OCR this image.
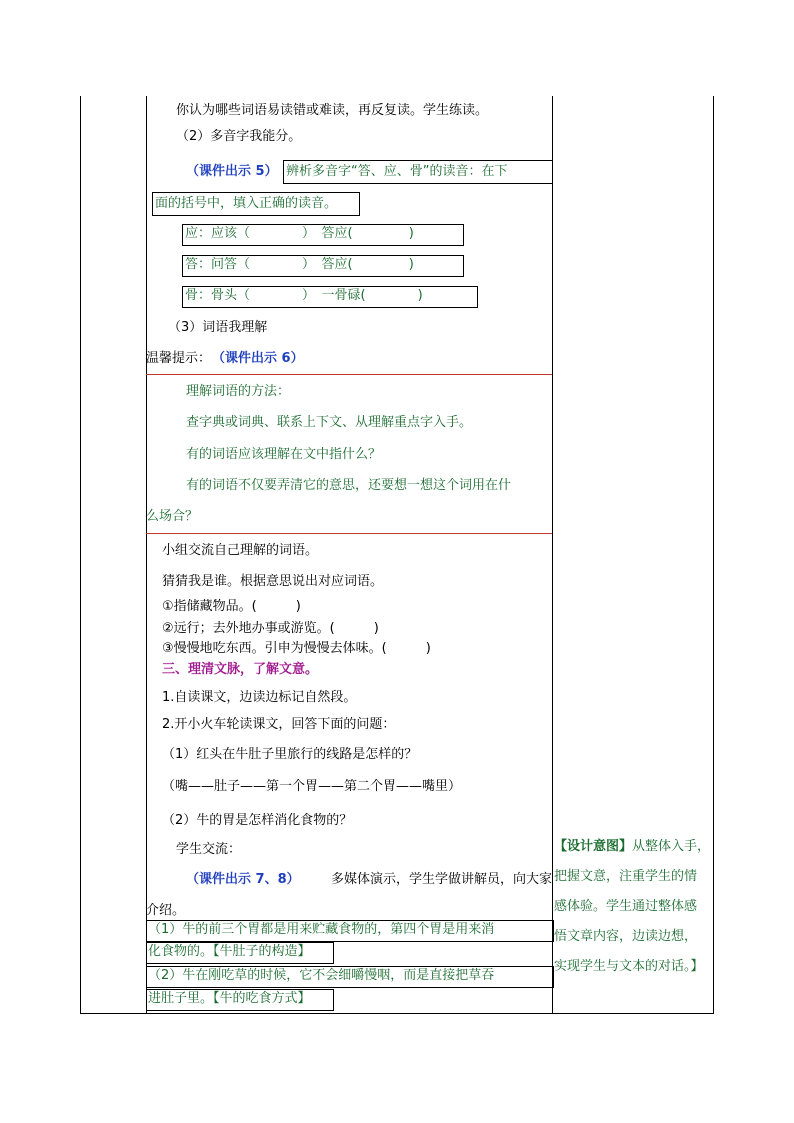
你认为哪些词语易读错或难读，再反复读。学生练读。
（2）多音字我能分。
（课件出示 5） 辨析多音字“答、应、骨”的读音：在下
面的括号中，填入正确的读音。
应：应该（　　　　）　答应(　　　　 )
答：问答（　　　　）　答应(　　　　 )
骨：骨头（　　　　）　一骨碌(　　　　)
（3）词语我理解
温馨提示： （课件出示 6）
理解词语的方法：
查字典或词典、联系上下文、从理解重点字入手。
有的词语应该理解在文中指什么？
有的词语不仅要弄清它的意思，还要想一想这个词用在什
么场合？
小组交流自己理解的词语。
猜猜我是谁。根据意思说出对应词语。
①指储藏物品。(　　　)
②远行；去外地办事或游览。(　　　)
③慢慢地吃东西。引申为慢慢去体味。(　　　)
三、理清文脉，了解文意。
1.自读课文，边读边标记自然段。
2.开小火车轮读课文，回答下面的问题：
（1）红头在牛肚子里旅行的线路是怎样的？
（嘴——肚子——第一个胃——第二个胃——嘴里）
（2）牛的胃是怎样消化食物的？
学生交流：
（课件出示 7、8） 多媒体演示，学生学做讲解员，向大家
介绍。
（1）牛的前三个胃都是用来贮藏食物的，第四个胃是用来消
化食物的。【牛肚子的构造】
（2）牛在刚吃草的时候，它不会细嚼慢咽，而是直接把草吞
进肚子里。【牛的吃食方式】
【设计意图】从整体入手，
把握文意，注重学生的情
感体验。学生通过整体感
悟文章内容，边读边想，
实现学生与文本的对话。】
